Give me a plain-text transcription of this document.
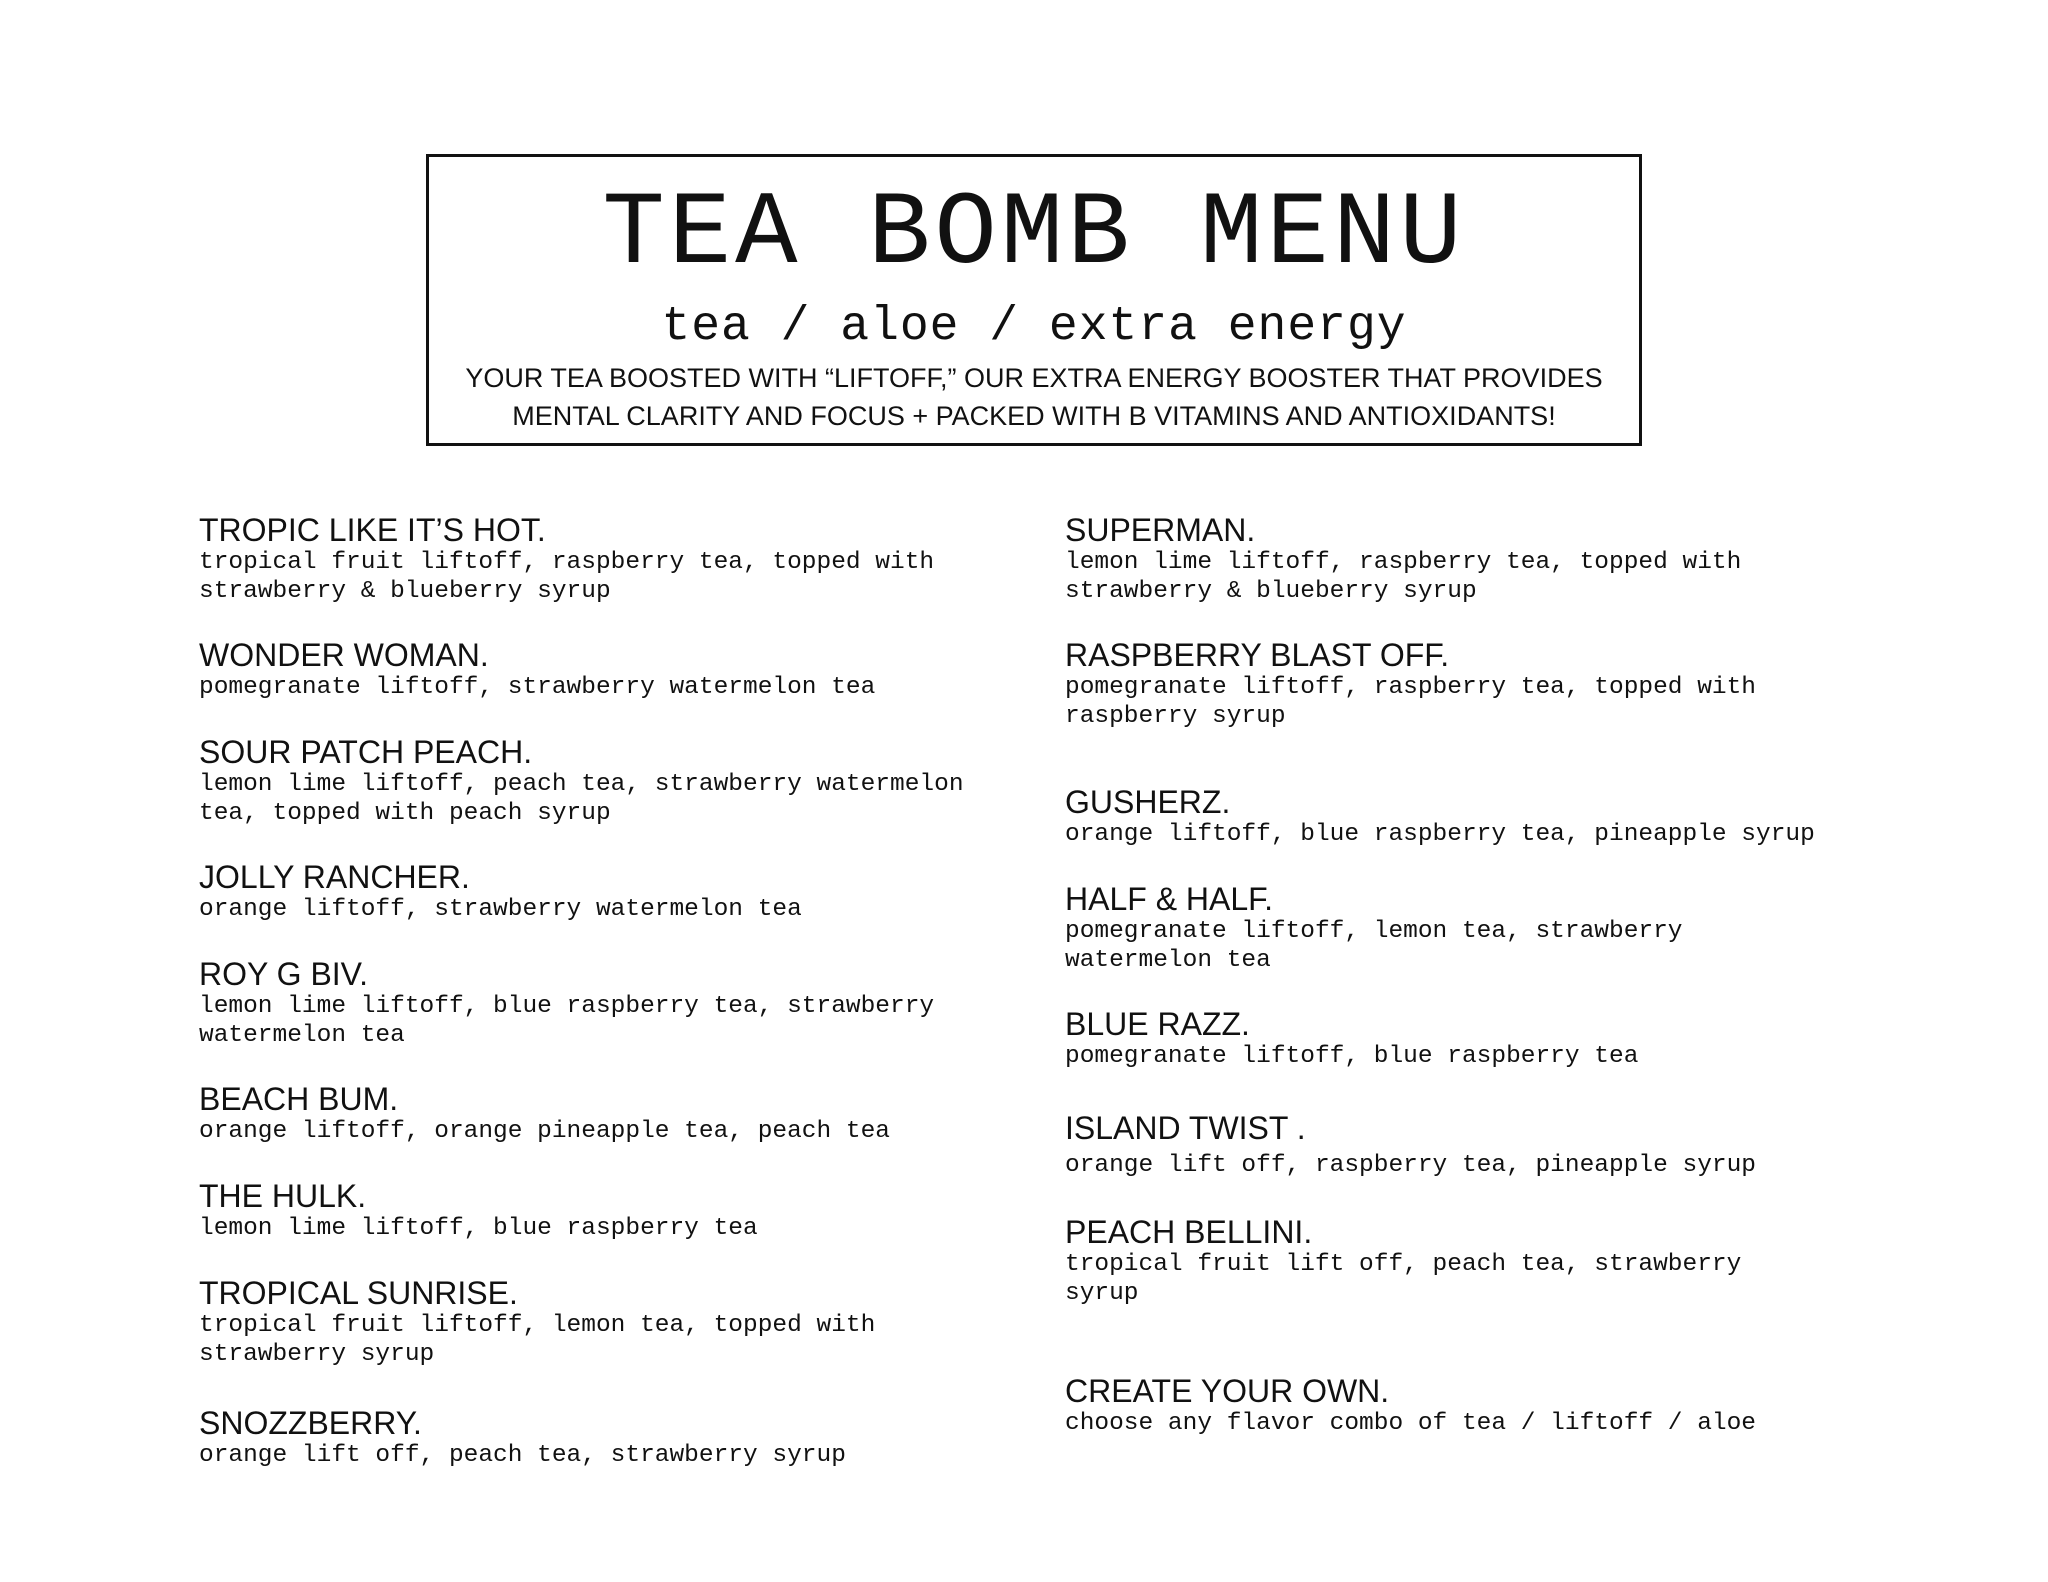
TEA BOMB MENU
tea / aloe / extra energy
YOUR TEA BOOSTED WITH “LIFTOFF,” OUR EXTRA ENERGY BOOSTER THAT PROVIDES
MENTAL CLARITY AND FOCUS + PACKED WITH B VITAMINS AND ANTIOXIDANTS!
TROPIC LIKE IT’S HOT.
tropical fruit liftoff, raspberry tea, topped with
strawberry & blueberry syrup
WONDER WOMAN.
pomegranate liftoff, strawberry watermelon tea
SOUR PATCH PEACH.
lemon lime liftoff, peach tea, strawberry watermelon
tea, topped with peach syrup
JOLLY RANCHER.
orange liftoff, strawberry watermelon tea
ROY G BIV.
lemon lime liftoff, blue raspberry tea, strawberry
watermelon tea
BEACH BUM.
orange liftoff, orange pineapple tea, peach tea
THE HULK.
lemon lime liftoff, blue raspberry tea
TROPICAL SUNRISE.
tropical fruit liftoff, lemon tea, topped with
strawberry syrup
SNOZZBERRY.
orange lift off, peach tea, strawberry syrup
SUPERMAN.
lemon lime liftoff, raspberry tea, topped with
strawberry & blueberry syrup
RASPBERRY BLAST OFF.
pomegranate liftoff, raspberry tea, topped with
raspberry syrup
GUSHERZ.
orange liftoff, blue raspberry tea, pineapple syrup
HALF & HALF.
pomegranate liftoff, lemon tea, strawberry
watermelon tea
BLUE RAZZ.
pomegranate liftoff, blue raspberry tea
ISLAND TWIST .
orange lift off, raspberry tea, pineapple syrup
PEACH BELLINI.
tropical fruit lift off, peach tea, strawberry
syrup
CREATE YOUR OWN.
choose any flavor combo of tea / liftoff / aloe
